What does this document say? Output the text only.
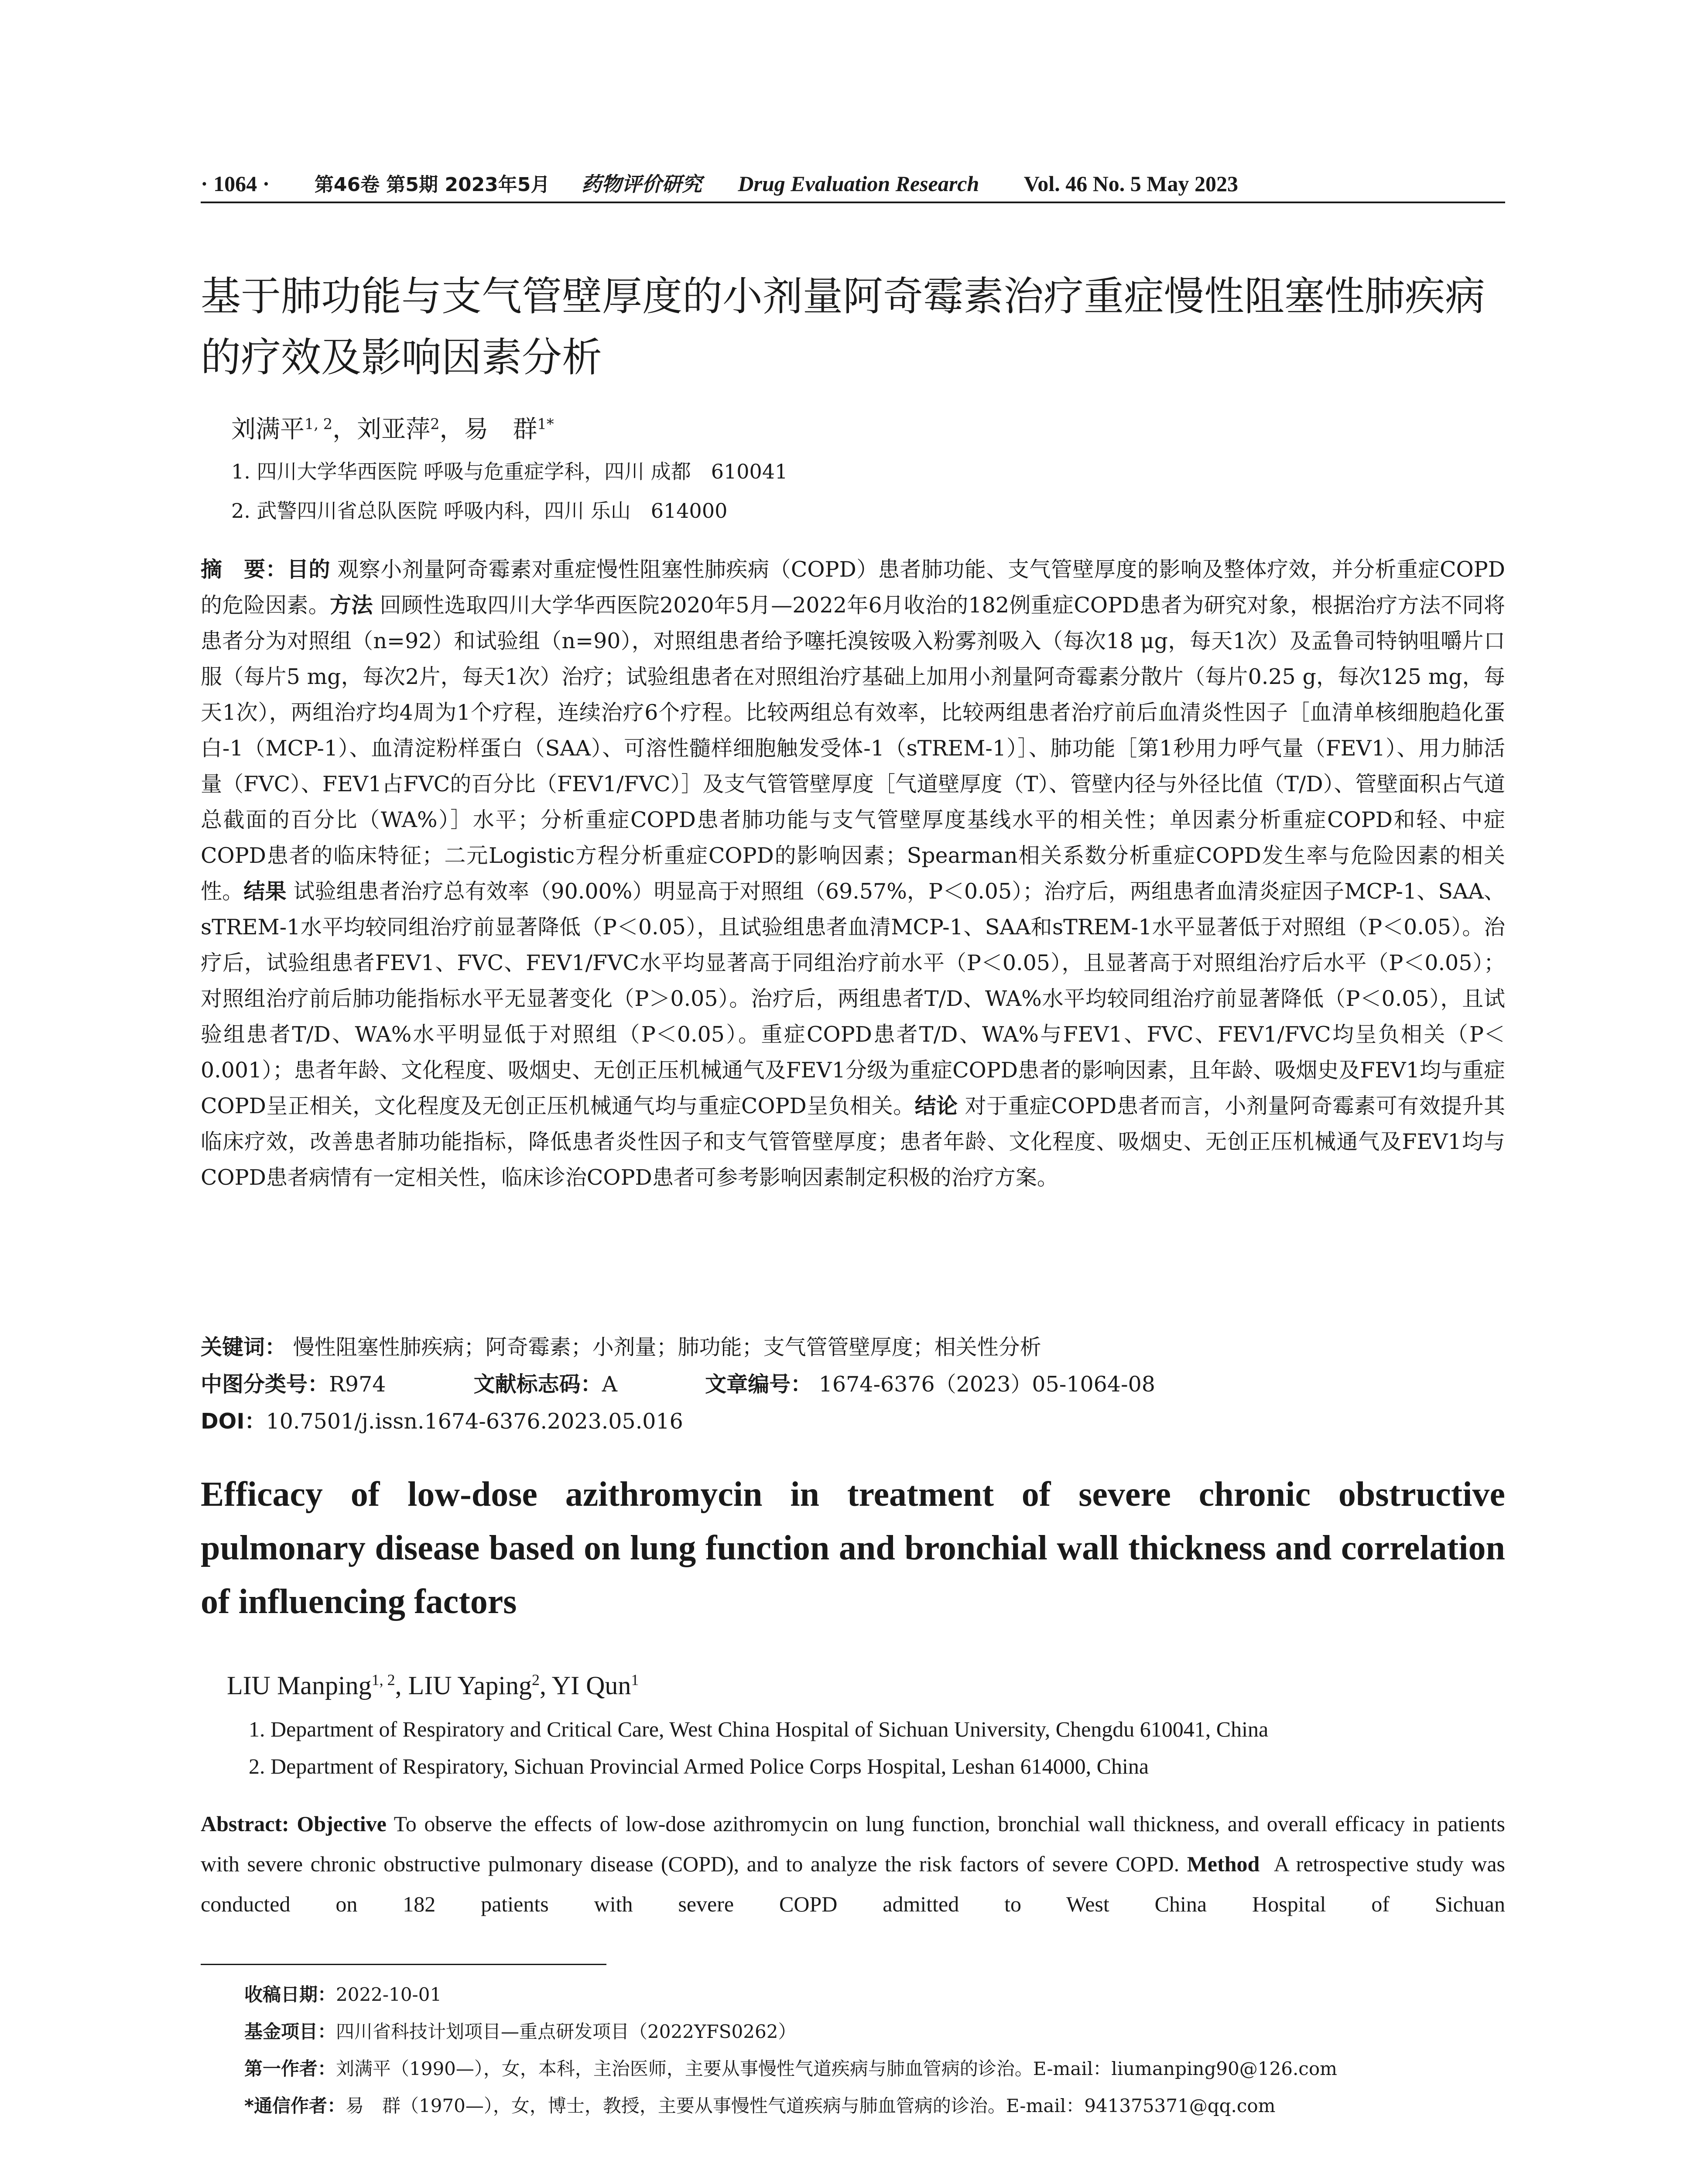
· 1064 · 第46卷 第5期 2023年5月 药物评价研究 Drug Evaluation Research Vol. 46 No. 5 May 2023
基于肺功能与支气管壁厚度的小剂量阿奇霉素治疗重症慢性阻塞性肺疾病的疗效及影响因素分析
刘满平$^{1, 2}$，刘亚萍$^2$，易　群$^{1*}$
1. 四川大学华西医院 呼吸与危重症学科，四川 成都　610041
2. 武警四川省总队医院 呼吸内科，四川 乐山　614000
摘　要：目的 观察小剂量阿奇霉素对重症慢性阻塞性肺疾病（COPD）患者肺功能、支气管壁厚度的影响及整体疗效，并分析重症COPD的危险因素。方法 回顾性选取四川大学华西医院2020年5月—2022年6月收治的182例重症COPD患者为研究对象，根据治疗方法不同将患者分为对照组（n=92）和试验组（n=90），对照组患者给予噻托溴铵吸入粉雾剂吸入（每次18 μg，每天1次）及孟鲁司特钠咀嚼片口服（每片5 mg，每次2片，每天1次）治疗；试验组患者在对照组治疗基础上加用小剂量阿奇霉素分散片（每片0.25 g，每次125 mg，每天1次），两组治疗均4周为1个疗程，连续治疗6个疗程。比较两组总有效率，比较两组患者治疗前后血清炎性因子［血清单核细胞趋化蛋白-1（MCP-1）、血清淀粉样蛋白（SAA）、可溶性髓样细胞触发受体-1（sTREM-1）］、肺功能［第1秒用力呼气量（FEV1）、用力肺活量（FVC）、FEV1占FVC的百分比（FEV1/FVC）］及支气管管壁厚度［气道壁厚度（T）、管壁内径与外径比值（T/D）、管壁面积占气道总截面的百分比（WA%）］水平；分析重症COPD患者肺功能与支气管壁厚度基线水平的相关性；单因素分析重症COPD和轻、中症COPD患者的临床特征；二元Logistic方程分析重症COPD的影响因素；Spearman相关系数分析重症COPD发生率与危险因素的相关性。结果 试验组患者治疗总有效率（90.00%）明显高于对照组（69.57%，P＜0.05）；治疗后，两组患者血清炎症因子MCP-1、SAA、sTREM-1水平均较同组治疗前显著降低（P＜0.05），且试验组患者血清MCP-1、SAA和sTREM-1水平显著低于对照组（P＜0.05）。治疗后，试验组患者FEV1、FVC、FEV1/FVC水平均显著高于同组治疗前水平（P＜0.05），且显著高于对照组治疗后水平（P＜0.05）；对照组治疗前后肺功能指标水平无显著变化（P＞0.05）。治疗后，两组患者T/D、WA%水平均较同组治疗前显著降低（P＜0.05），且试验组患者T/D、WA%水平明显低于对照组（P＜0.05）。重症COPD患者T/D、WA%与FEV1、FVC、FEV1/FVC均呈负相关（P＜0.001）；患者年龄、文化程度、吸烟史、无创正压机械通气及FEV1分级为重症COPD患者的影响因素，且年龄、吸烟史及FEV1均与重症COPD呈正相关，文化程度及无创正压机械通气均与重症COPD呈负相关。结论 对于重症COPD患者而言，小剂量阿奇霉素可有效提升其临床疗效，改善患者肺功能指标，降低患者炎性因子和支气管管壁厚度；患者年龄、文化程度、吸烟史、无创正压机械通气及FEV1均与COPD患者病情有一定相关性，临床诊治COPD患者可参考影响因素制定积极的治疗方案。
关键词： 慢性阻塞性肺疾病；阿奇霉素；小剂量；肺功能；支气管管壁厚度；相关性分析
中图分类号：R974	文献标志码：A	文章编号： 1674-6376（2023）05-1064-08
DOI：10.7501/j.issn.1674-6376.2023.05.016
Efficacy of low-dose azithromycin in treatment of severe chronic obstructive pulmonary disease based on lung function and bronchial wall thickness and correlation of influencing factors
LIU Manping$^{1, 2}$, LIU Yaping$^2$, YI Qun$^1$
1. Department of Respiratory and Critical Care, West China Hospital of Sichuan University, Chengdu 610041, China
2. Department of Respiratory, Sichuan Provincial Armed Police Corps Hospital, Leshan 614000, China
Abstract: Objective To observe the effects of low-dose azithromycin on lung function, bronchial wall thickness, and overall efficacy in patients with severe chronic obstructive pulmonary disease (COPD), and to analyze the risk factors of severe COPD. Method A retrospective study was conducted on 182 patients with severe COPD admitted to West China Hospital of Sichuan
收稿日期：2022-10-01
基金项目：四川省科技计划项目—重点研发项目（2022YFS0262）
第一作者：刘满平（1990—），女，本科，主治医师，主要从事慢性气道疾病与肺血管病的诊治。E-mail：liumanping90@126.com
*通信作者：易　群（1970—），女，博士，教授，主要从事慢性气道疾病与肺血管病的诊治。E-mail：941375371@qq.com
